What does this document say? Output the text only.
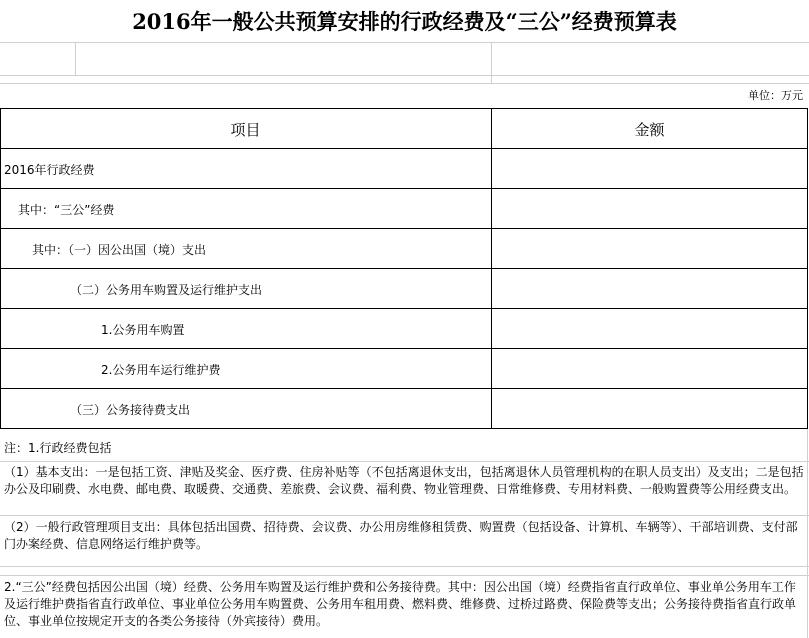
2016年一般公共预算安排的行政经费及“三公”经费预算表
单位：万元
项目	金额
2016年行政经费
其中：“三公”经费
其中：（一）因公出国（境）支出
（二）公务用车购置及运行维护支出
1.公务用车购置
2.公务用车运行维护费
（三）公务接待费支出
注：1.行政经费包括
（1）基本支出：一是包括工资、津贴及奖金、医疗费、住房补贴等（不包括离退休支出，包括离退休人员管理机构的在职人员支出）及支出；二是包括办公及印刷费、水电费、邮电费、取暖费、交通费、差旅费、会议费、福利费、物业管理费、日常维修费、专用材料费、一般购置费等公用经费支出。
（2）一般行政管理项目支出：具体包括出国费、招待费、会议费、办公用房维修租赁费、购置费（包括设备、计算机、车辆等）、干部培训费、支付部门办案经费、信息网络运行维护费等。
2.“三公”经费包括因公出国（境）经费、公务用车购置及运行维护费和公务接待费。其中：因公出国（境）经费指省直行政单位、事业单公务用车工作及运行维护费指省直行政单位、事业单位公务用车购置费、公务用车租用费、燃料费、维修费、过桥过路费、保险费等支出；公务接待费指省直行政单位、事业单位按规定开支的各类公务接待（外宾接待）费用。
